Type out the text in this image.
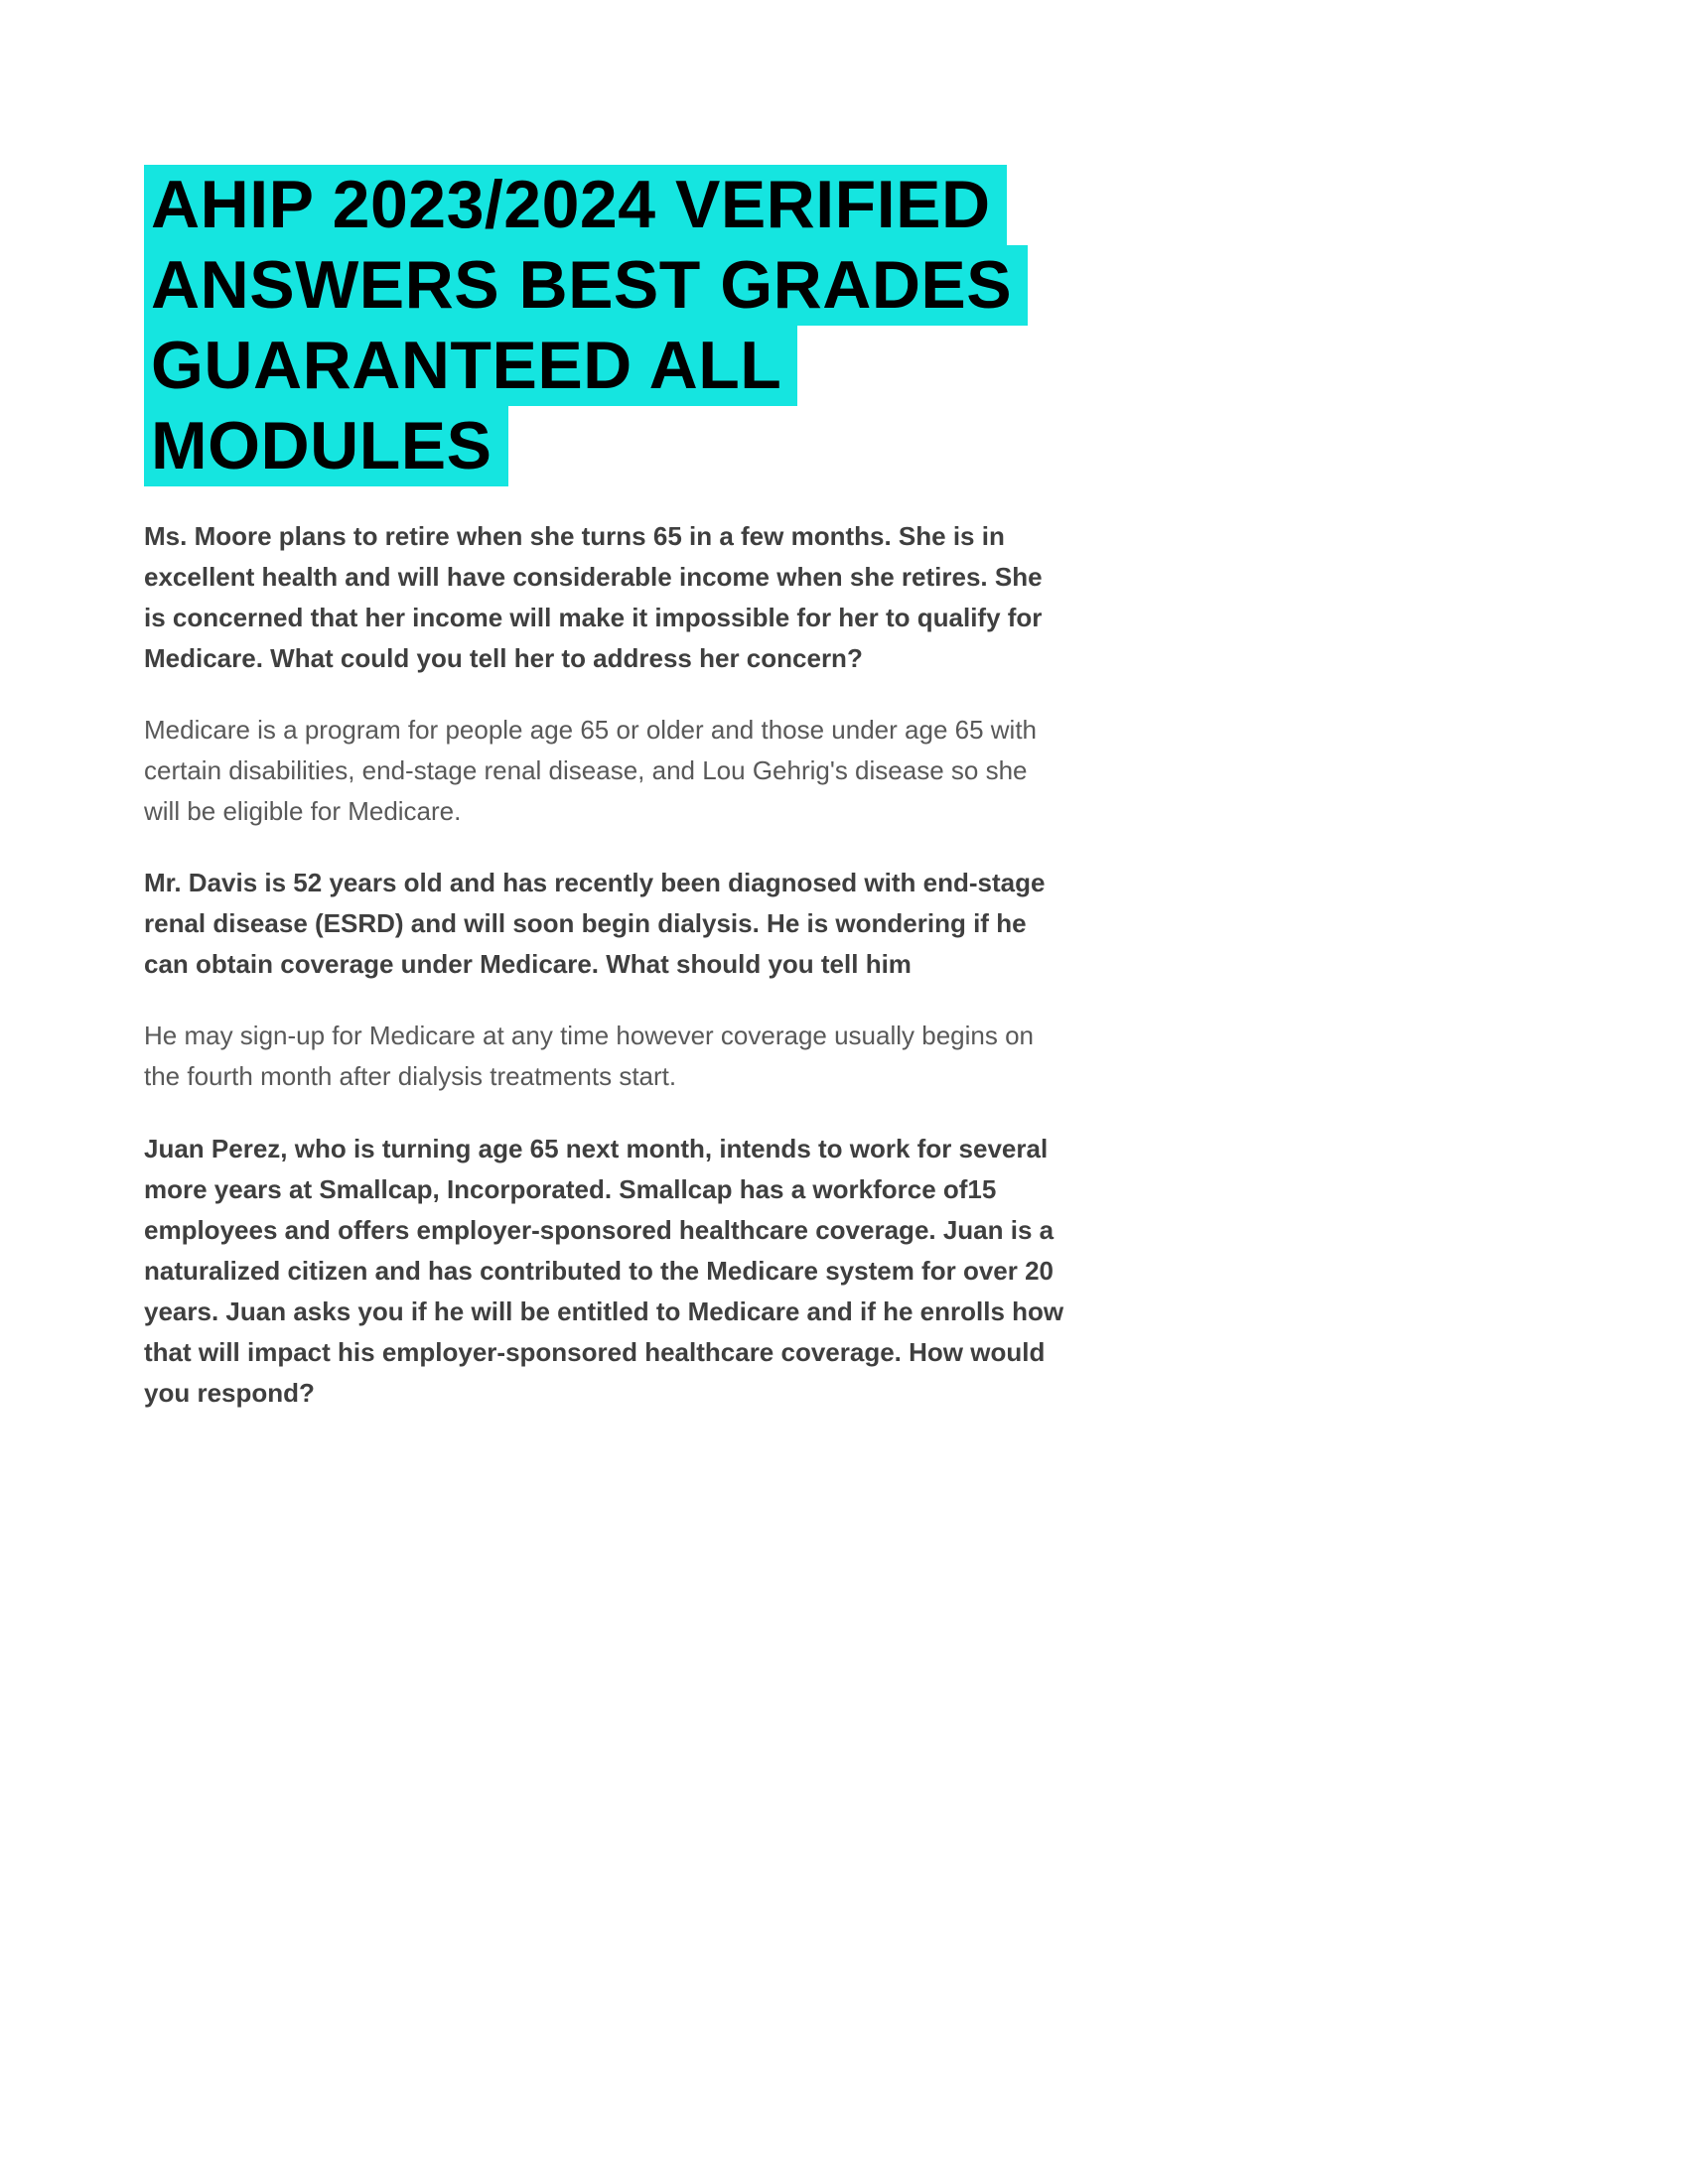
AHIP 2023/2024 VERIFIED
ANSWERS BEST GRADES
GUARANTEED ALL
MODULES

Ms. Moore plans to retire when she turns 65 in a few months. She is in excellent health and will have considerable income when she retires. She is concerned that her income will make it impossible for her to qualify for Medicare. What could you tell her to address her concern?

Medicare is a program for people age 65 or older and those under age 65 with certain disabilities, end-stage renal disease, and Lou Gehrig's disease so she will be eligible for Medicare.

Mr. Davis is 52 years old and has recently been diagnosed with end-stage renal disease (ESRD) and will soon begin dialysis. He is wondering if he can obtain coverage under Medicare. What should you tell him

He may sign-up for Medicare at any time however coverage usually begins on the fourth month after dialysis treatments start.

Juan Perez, who is turning age 65 next month, intends to work for several more years at Smallcap, Incorporated. Smallcap has a workforce of15 employees and offers employer-sponsored healthcare coverage. Juan is a naturalized citizen and has contributed to the Medicare system for over 20 years. Juan asks you if he will be entitled to Medicare and if he enrolls how that will impact his employer-sponsored healthcare coverage. How would you respond?
